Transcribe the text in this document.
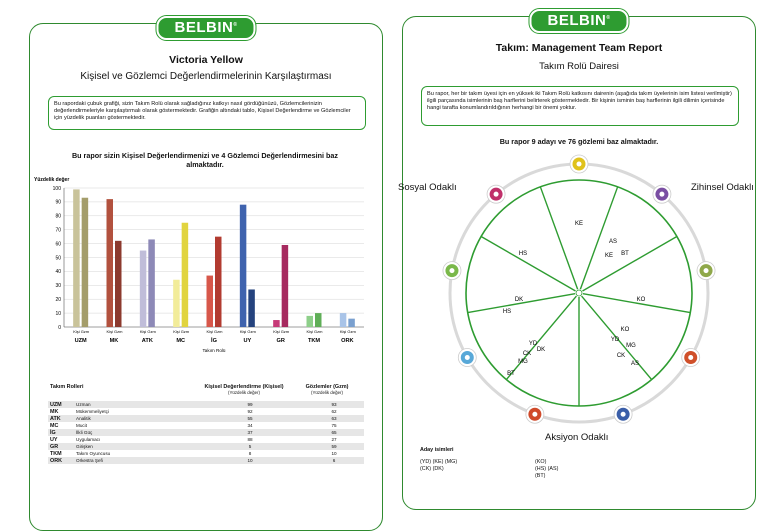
BELBIN®
Victoria Yellow
Kişisel ve Gözlemci Değerlendirmelerinin Karşılaştırması
Bu rapordaki çubuk grafiği, sizin Takım Rolü olarak sağladığınız katkıyı nasıl gördüğünüzü, Gözlemcilerinizin değerlendirmeleriyle karşılaştırmalı olarak göstermektedir. Grafiğin altındaki tablo, Kişisel Değerlendirme ve Gözlemciler için yüzdelik puanları göstermektedir.
Bu rapor sizin Kişisel Değerlendirmenizi ve 4 Gözlemci Değerlendirmesini baz almaktadır.
Yüzdelik değer
0
10
20
30
40
50
60
70
80
90
100
Kişi Gzm
UZM
Kişi Gzm
MK
Kişi Gzm
ATK
Kişi Gzm
MC
Kişi Gzm
İG
Kişi Gzm
UY
Kişi Gzm
GR
Kişi Gzm
TKM
Kişi Gzm
ORK
Takım Rolü
Takım Rolleri	Kişisel Değerlendirme (Kişisel)
(Yüzdelik değer)
Gözlemler (Gzm)
(Yüzdelik değer)
UZM	Uzman	99	93
MK	Mükemmeliyetçi	92	62
ATK	Analitik	55	63
MC	Mucit	34	75
İG	İlkli Güç	37	65
UY	Uygulamacı	88	27
GR	Girişken	5	59
TKM	Takım Oyuncusu	8	10
ORK	Orkestra Şefi	10	6
BELBIN®
Takım: Management Team Report
Takım Rolü Dairesi
Bu rapor, her bir takım üyesi için en yüksek iki Takım Rolü katkısını dairenin (aşağıda takım üyelerinin isim listesi verilmiştir) ilgili parçasında isimlerinin baş harflerini belirterek göstermektedir. Bir kişinin isminin baş harflerinin ilgili dilimin içerisinde hangi tarafta konumlandırıldığının herhangi bir önemi yoktur.
Bu rapor 9 adayı ve 76 gözlemi baz almaktadır.
KE
AS
KE BT
KO
KO
YD
MG
CK
AS
YD
CK
DK
MG
BT
DK
HS
HS
Sosyal Odaklı	Zihinsel Odaklı
Aksiyon Odaklı
Aday isimleri
(YD) (KE) (MG)
(CK) (DK)
(KO)
(HS) (AS)
(BT)
